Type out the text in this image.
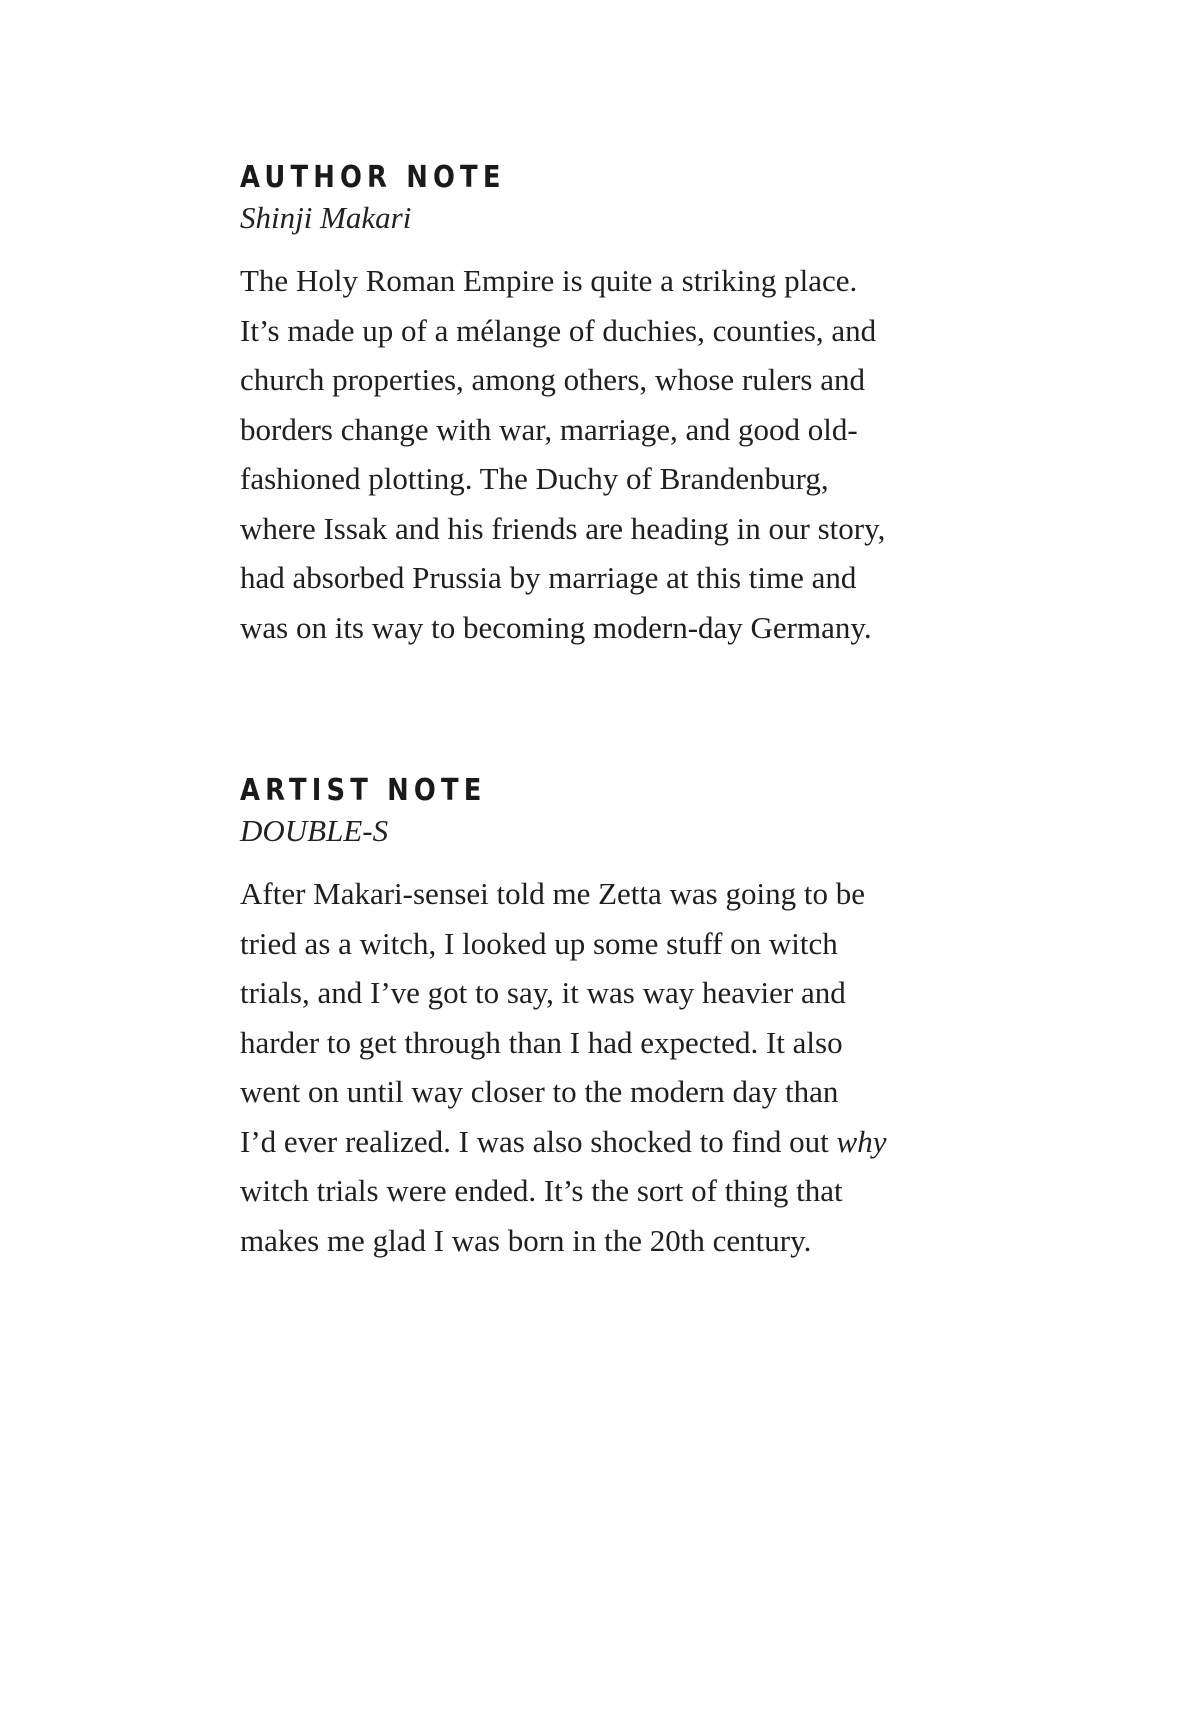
AUTHOR NOTE
Shinji Makari

The Holy Roman Empire is quite a striking place.
It’s made up of a mélange of duchies, counties, and
church properties, among others, whose rulers and
borders change with war, marriage, and good old-
fashioned plotting. The Duchy of Brandenburg,
where Issak and his friends are heading in our story,
had absorbed Prussia by marriage at this time and
was on its way to becoming modern-day Germany.

ARTIST NOTE
DOUBLE-S

After Makari-sensei told me Zetta was going to be
tried as a witch, I looked up some stuff on witch
trials, and I’ve got to say, it was way heavier and
harder to get through than I had expected. It also
went on until way closer to the modern day than
I’d ever realized. I was also shocked to find out why
witch trials were ended. It’s the sort of thing that
makes me glad I was born in the 20th century.
